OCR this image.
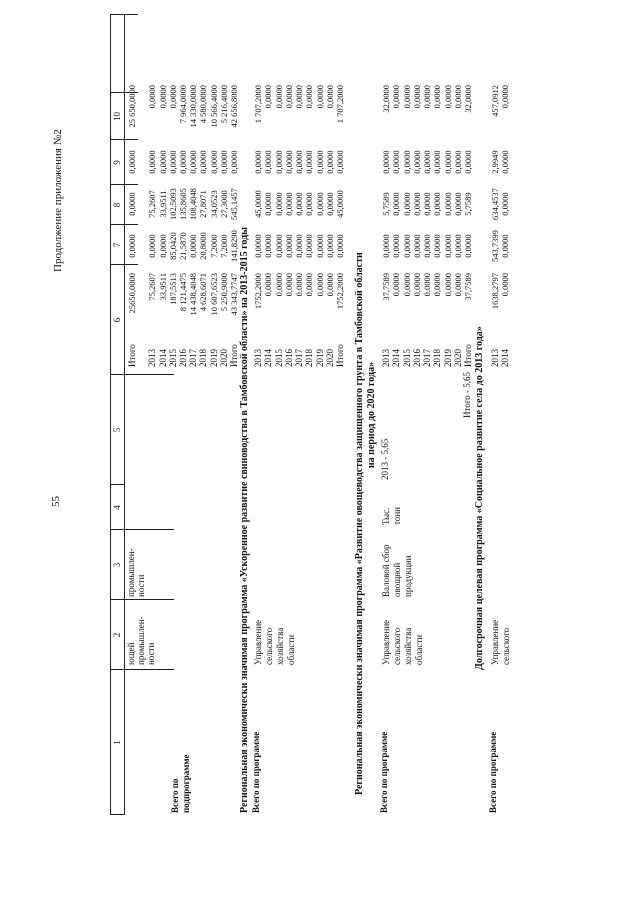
55
Продолжение приложения №2
1
2
3
4
5
6
7
8
9
10
ющей
промышлен-
ности
промышлен-
ности
Всего по
подпрограмме
Итого

2013
2014
2015
2016
2017
2018
2019
2020
Итого
25650,0000

75,2607
33,9511
187,5513
8 121,4475
14 438,4048
4 628,6071
10 607,6523
5 250,9000
43 343,7747
0,0000

0,0000
0,0000
85,0420
21,5870
0,0000
20,8000
7,2000
7,2000
141,8290
0,0000

75,2607
33,9511
102,5093
135,8605
108,4048
27,8071
34,0523
27,3000
545,1457
0,0000

0,0000
0,0000
0,0000
0,0000
0,0000
0,0000
0,0000
0,0000
0,0000
25 650,0000

0,0000
0,0000
0,0000
7 964,0000
14 330,0000
4 580,0000
10 566,4000
5 216,4000
42 656,8000
Региональная экономически значимая программа «Ускоренное развитие свиноводства в Тамбовской области» на 2013-2015 годы Всего по программе
Управление
сельского
хозяйства
области
2013
2014
2015
2016
2017
2018
2019
2020
Итого
1752,2000
0,0000
0,0000
0,0000
0,0000
0,0000
0,0000
0,0000
1752,2000
0,0000
0,0000
0,0000
0,0000
0,0000
0,0000
0,0000
0,0000
0,0000
45,0000
0,0000
0,0000
0,0000
0,0000
0,0000
0,0000
0,0000
45,0000
0,0000
0,0000
0,0000
0,0000
0,0000
0,0000
0,0000
0,0000
0,0000
1 707,2000
0,0000
0,0000
0,0000
0,0000
0,0000
0,0000
0,0000
1 707,2000
Региональная экономически значимая программа «Развитие овощеводства защищенного грунта в Тамбовской области на период до 2020 года»
Всего по программе
Управление
сельского
хозяйства
области
Валовой сбор
овощной
продукции
Тыс.
тонн
2013 - 5,65
Итого - 5,65
2013
2014
2015
2016
2017
2018
2019
2020
Итого
37,7589
0,0000
0,0000
0,0000
0,0000
0,0000
0,0000
0,0000
37,7589
0,0000
0,0000
0,0000
0,0000
0,0000
0,0000
0,0000
0,0000
0,0000
5,7589
0,0000
0,0000
0,0000
0,0000
0,0000
0,0000
0,0000
5,7589
0,0000
0,0000
0,0000
0,0000
0,0000
0,0000
0,0000
0,0000
0,0000
32,0000
0,0000
0,0000
0,0000
0,0000
0,0000
0,0000
0,0000
32,0000
Долгосрочная целевая программа «Социальное развитие села до 2013 года»
Всего по программе
Управление
сельского
2013
2014
1638,2797
0,0000
543,7399
0,0000
634,4537
0,0000
2,9949
0,0000
457,0912
0,0000
